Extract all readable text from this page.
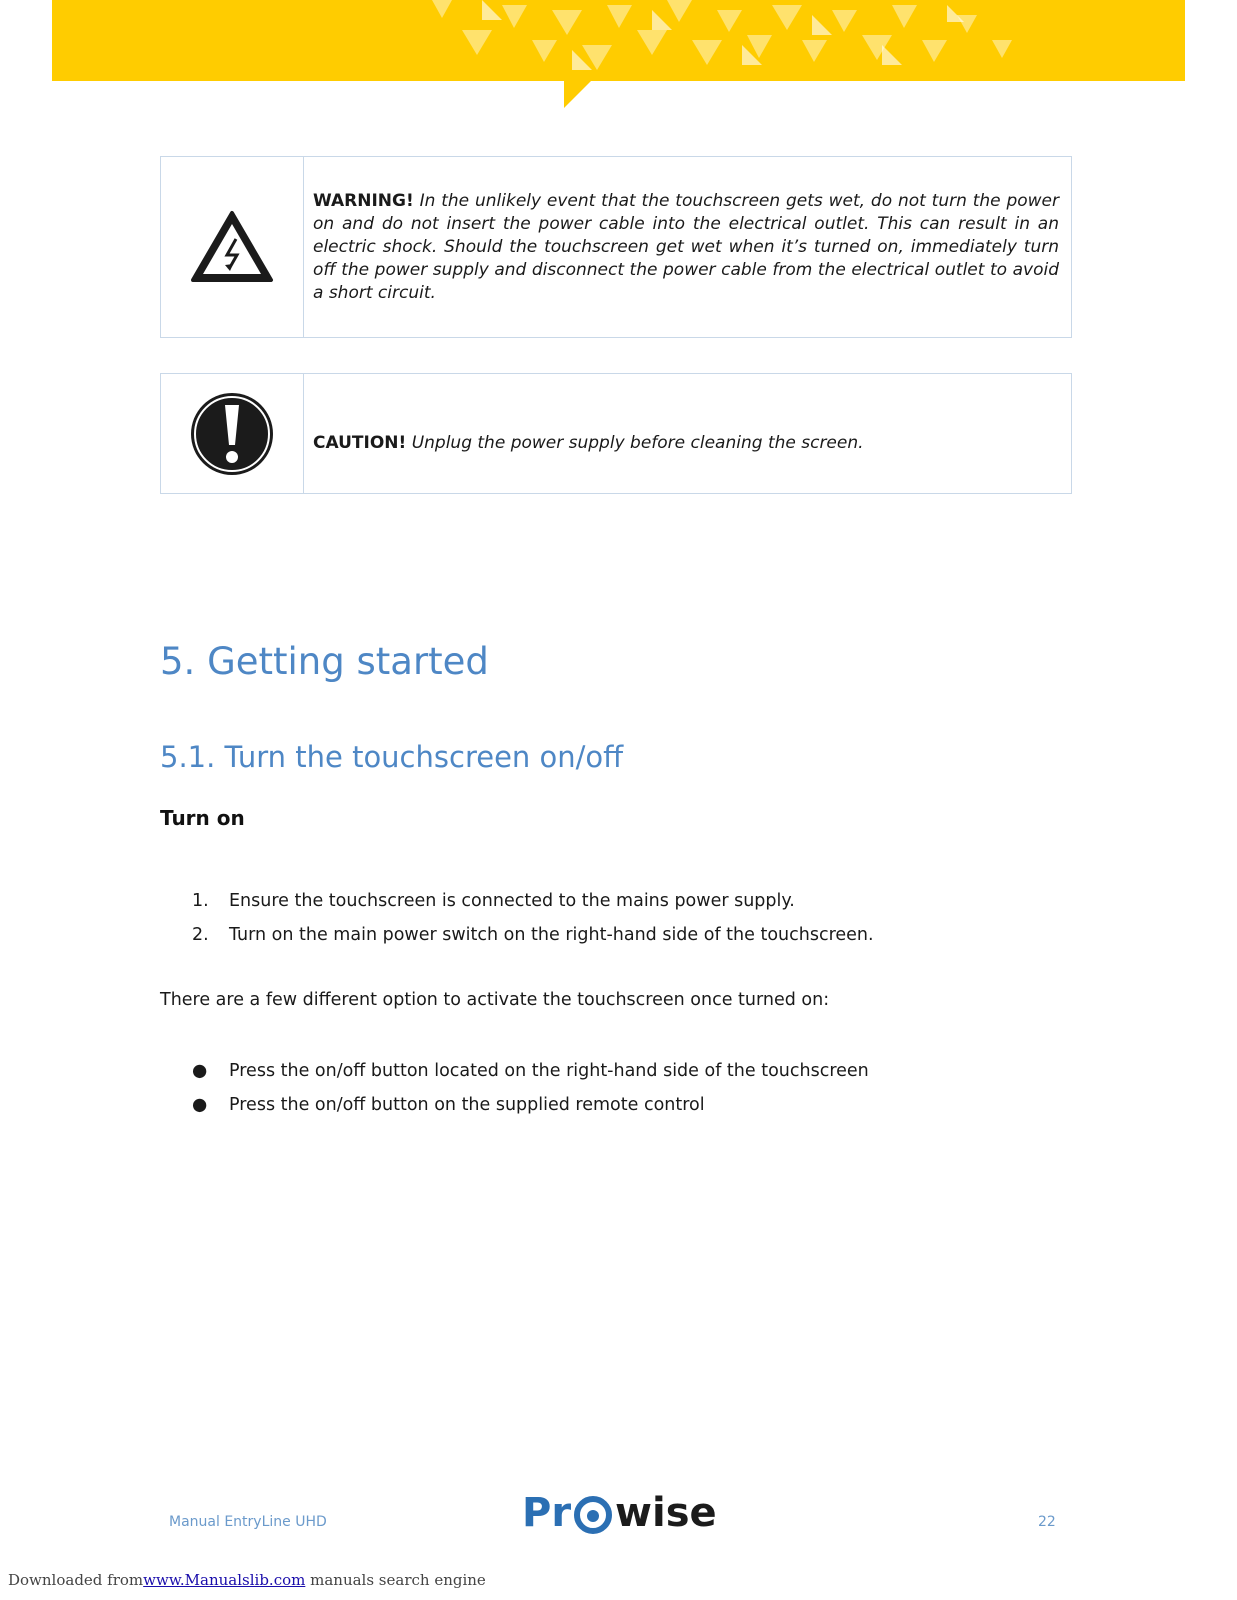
WARNING! In the unlikely event that the touchscreen gets wet, do not turn the power on and do not insert the power cable into the electrical outlet. This can result in an electric shock. Should the touchscreen get wet when it’s turned on, immediately turn off the power supply and disconnect the power cable from the electrical outlet to avoid a short circuit.

CAUTION! Unplug the power supply before cleaning the screen.

5. Getting started
5.1. Turn the touchscreen on/off
Turn on
1.	Ensure the touchscreen is connected to the mains power supply.
2.	Turn on the main power switch on the right-hand side of the touchscreen.

There are a few different option to activate the touchscreen once turned on:

●	Press the on/off button located on the right-hand side of the touchscreen
●	Press the on/off button on the supplied remote control
Manual EntryLine UHD	Pr wise	22
Downloaded fromwww.Manualslib.com manuals search engine
